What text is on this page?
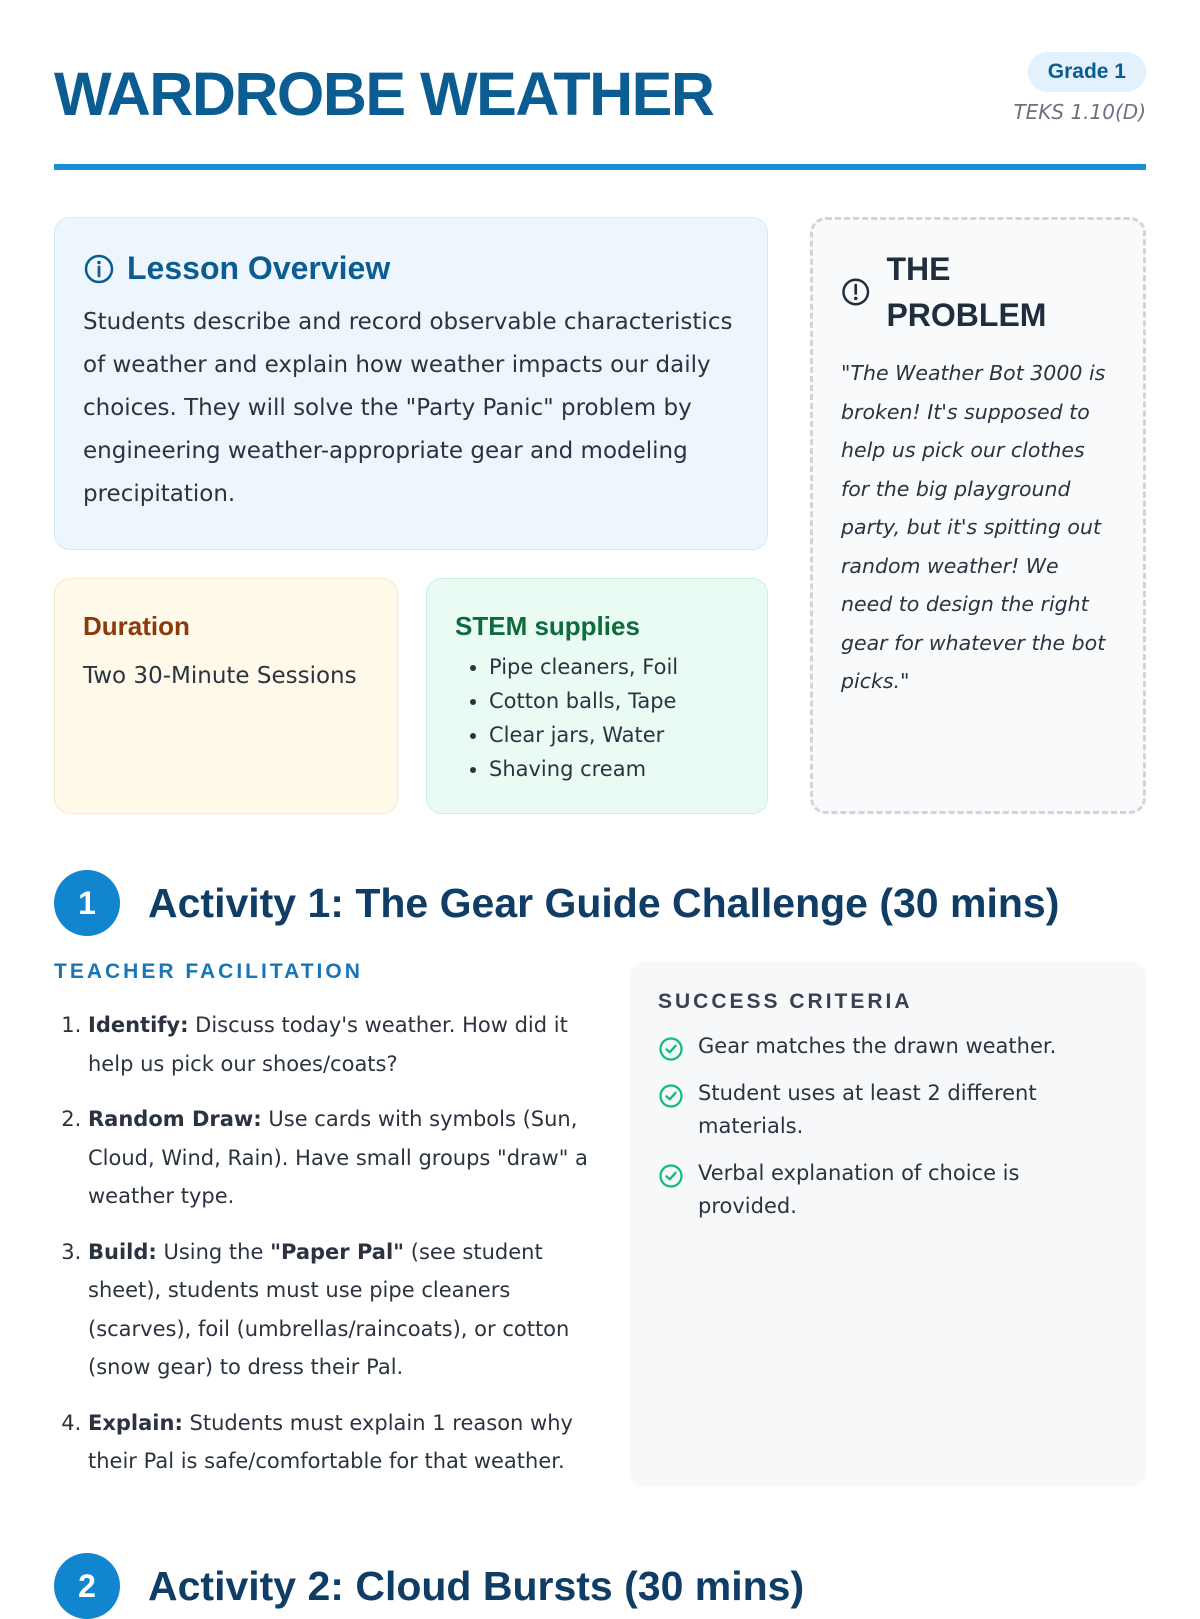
WARDROBE WEATHER	Grade 1
TEKS 1.10(D)
Lesson Overview

Students describe and record observable characteristics of weather and explain how weather impacts our daily choices. They will solve the "Party Panic" problem by engineering weather-appropriate gear and modeling precipitation.

Duration
Two 30-Minute Sessions
STEM supplies
• Pipe cleaners, Foil
• Cotton balls, Tape
• Clear jars, Water
• Shaving cream
THE PROBLEM
"The Weather Bot 3000 is broken! It's supposed to help us pick our clothes for the big playground party, but it's spitting out random weather! We need to design the right gear for whatever the bot picks."
1	Activity 1: The Gear Guide Challenge (30 mins)
TEACHER FACILITATION
1. Identify: Discuss today's weather. How did it help us pick our shoes/coats?
2. Random Draw: Use cards with symbols (Sun, Cloud, Wind, Rain). Have small groups "draw" a weather type.
3. Build: Using the "Paper Pal" (see student sheet), students must use pipe cleaners (scarves), foil (umbrellas/raincoats), or cotton (snow gear) to dress their Pal.
4. Explain: Students must explain 1 reason why their Pal is safe/comfortable for that weather.
SUCCESS CRITERIA
Gear matches the drawn weather.
Student uses at least 2 different materials.
Verbal explanation of choice is provided.
2	Activity 2: Cloud Bursts (30 mins)
